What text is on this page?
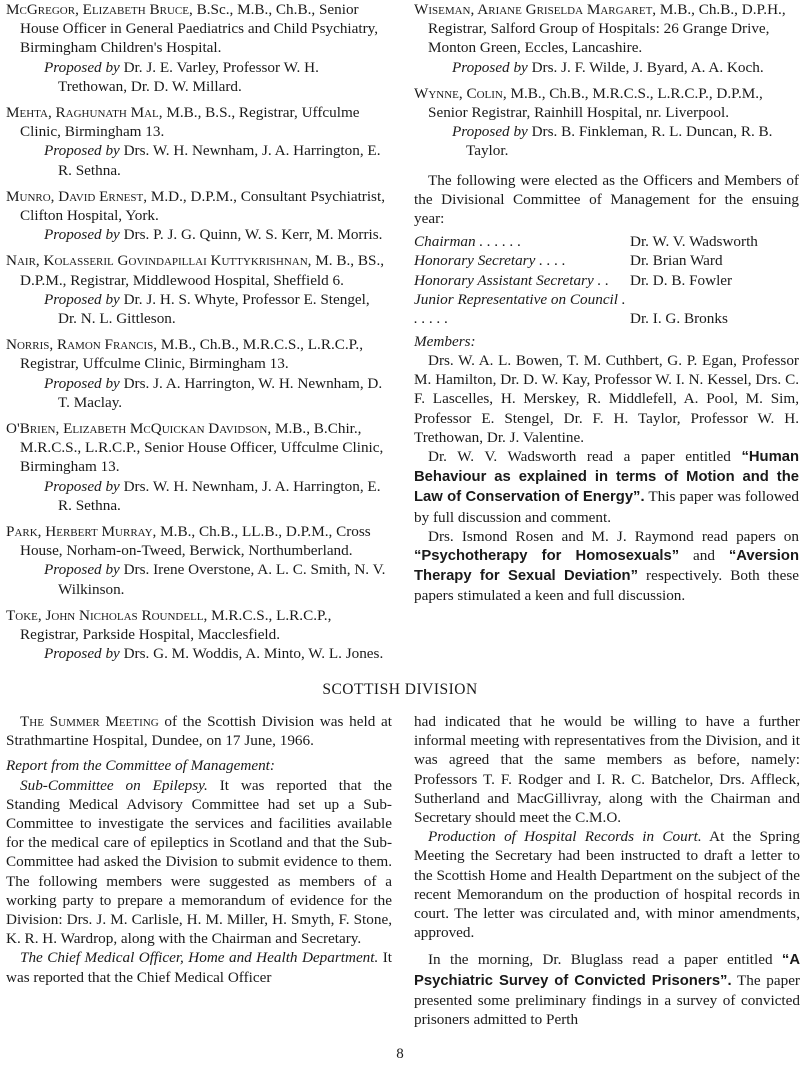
McGregor, Elizabeth Bruce, B.Sc., M.B., Ch.B., Senior House Officer in General Paediatrics and Child Psychiatry, Birmingham Children's Hospital.
Proposed by Dr. J. E. Varley, Professor W. H. Trethowan, Dr. D. W. Millard.
Mehta, Raghunath Mal, M.B., B.S., Registrar, Uffculme Clinic, Birmingham 13.
Proposed by Drs. W. H. Newnham, J. A. Harrington, E. R. Sethna.
Munro, David Ernest, M.D., D.P.M., Consultant Psychiatrist, Clifton Hospital, York.
Proposed by Drs. P. J. G. Quinn, W. S. Kerr, M. Morris.
Nair, Kolasseril Govindapillai Kuttykrishnan, M. B., BS., D.P.M., Registrar, Middlewood Hospital, Sheffield 6.
Proposed by Dr. J. H. S. Whyte, Professor E. Stengel, Dr. N. L. Gittleson.
Norris, Ramon Francis, M.B., Ch.B., M.R.C.S., L.R.C.P., Registrar, Uffculme Clinic, Birmingham 13.
Proposed by Drs. J. A. Harrington, W. H. Newnham, D. T. Maclay.
O'Brien, Elizabeth McQuickan Davidson, M.B., B.Chir., M.R.C.S., L.R.C.P., Senior House Officer, Uffculme Clinic, Birmingham 13.
Proposed by Drs. W. H. Newnham, J. A. Harrington, E. R. Sethna.
Park, Herbert Murray, M.B., Ch.B., LL.B., D.P.M., Cross House, Norham-on-Tweed, Berwick, Northumberland.
Proposed by Drs. Irene Overstone, A. L. C. Smith, N. V. Wilkinson.
Toke, John Nicholas Roundell, M.R.C.S., L.R.C.P., Registrar, Parkside Hospital, Macclesfield.
Proposed by Drs. G. M. Woddis, A. Minto, W. L. Jones.
Wiseman, Ariane Griselda Margaret, M.B., Ch.B., D.P.H., Registrar, Salford Group of Hospitals: 26 Grange Drive, Monton Green, Eccles, Lancashire.
Proposed by Drs. J. F. Wilde, J. Byard, A. A. Koch.
Wynne, Colin, M.B., Ch.B., M.R.C.S., L.R.C.P., D.P.M., Senior Registrar, Rainhill Hospital, nr. Liverpool.
Proposed by Drs. B. Finkleman, R. L. Duncan, R. B. Taylor.

The following were elected as the Officers and Members of the Divisional Committee of Management for the ensuing year:

Chairman . . . . . .	Dr. W. V. Wadsworth
Honorary Secretary . . . .	Dr. Brian Ward
Honorary Assistant Secretary . .	Dr. D. B. Fowler
Junior Representative on Council . . . . . .	Dr. I. G. Bronks

Members:

Drs. W. A. L. Bowen, T. M. Cuthbert, G. P. Egan, Professor M. Hamilton, Dr. D. W. Kay, Professor W. I. N. Kessel, Drs. C. F. Lascelles, H. Merskey, R. Middlefell, A. Pool, M. Sim, Professor E. Stengel, Dr. F. H. Taylor, Professor W. H. Trethowan, Dr. J. Valentine.

Dr. W. V. Wadsworth read a paper entitled “Human Behaviour as explained in terms of Motion and the Law of Conservation of Energy”. This paper was followed by full discussion and comment.

Drs. Ismond Rosen and M. J. Raymond read papers on “Psychotherapy for Homosexuals” and “Aversion Therapy for Sexual Deviation” respectively. Both these papers stimulated a keen and full discussion.

SCOTTISH DIVISION

The Summer Meeting of the Scottish Division was held at Strathmartine Hospital, Dundee, on 17 June, 1966.

Report from the Committee of Management:

Sub-Committee on Epilepsy. It was reported that the Standing Medical Advisory Committee had set up a Sub-Committee to investigate the services and facilities available for the medical care of epileptics in Scotland and that the Sub-Committee had asked the Division to submit evidence to them. The following members were suggested as members of a working party to prepare a memorandum of evidence for the Division: Drs. J. M. Carlisle, H. M. Miller, H. Smyth, F. Stone, K. R. H. Wardrop, along with the Chairman and Secretary.

The Chief Medical Officer, Home and Health Department. It was reported that the Chief Medical Officer

had indicated that he would be willing to have a further informal meeting with representatives from the Division, and it was agreed that the same members as before, namely: Professors T. F. Rodger and I. R. C. Batchelor, Drs. Affleck, Sutherland and MacGillivray, along with the Chairman and Secretary should meet the C.M.O.

Production of Hospital Records in Court. At the Spring Meeting the Secretary had been instructed to draft a letter to the Scottish Home and Health Department on the subject of the recent Memorandum on the production of hospital records in court. The letter was circulated and, with minor amendments, approved.

In the morning, Dr. Bluglass read a paper entitled “A Psychiatric Survey of Convicted Prisoners”. The paper presented some preliminary findings in a survey of convicted prisoners admitted to Perth

8
